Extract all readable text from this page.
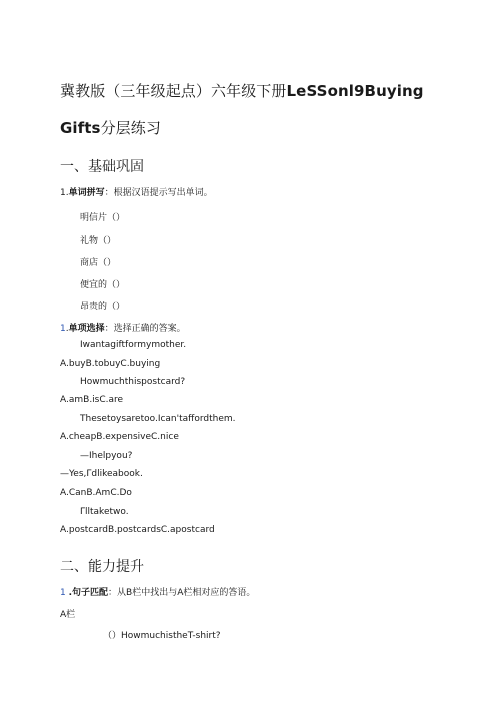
冀教版（三年级起点）六年级下册LeSSonl9Buying
Gifts分层练习
一、基础巩固
1.单词拼写：根据汉语提示写出单词。
明信片（）
礼物（）
商店（）
便宜的（）
昂贵的（）
1.单项选择：选择正确的答案。
Iwantagiftformymother.
A.buyB.tobuyC.buying
Howmuchthispostcard?
A.amB.isC.are
Thesetoysaretoo.Ican'taffordthem.
A.cheapB.expensiveC.nice
—Ihelpyou?
—Yes,Γdlikeabook.
A.CanB.AmC.Do
Γlltaketwo.
A.postcardB.postcardsC.apostcard
二、能力提升
1 .句子匹配：从B栏中找出与A栏相对应的答语。
A栏
（）HowmuchistheT-shirt?
